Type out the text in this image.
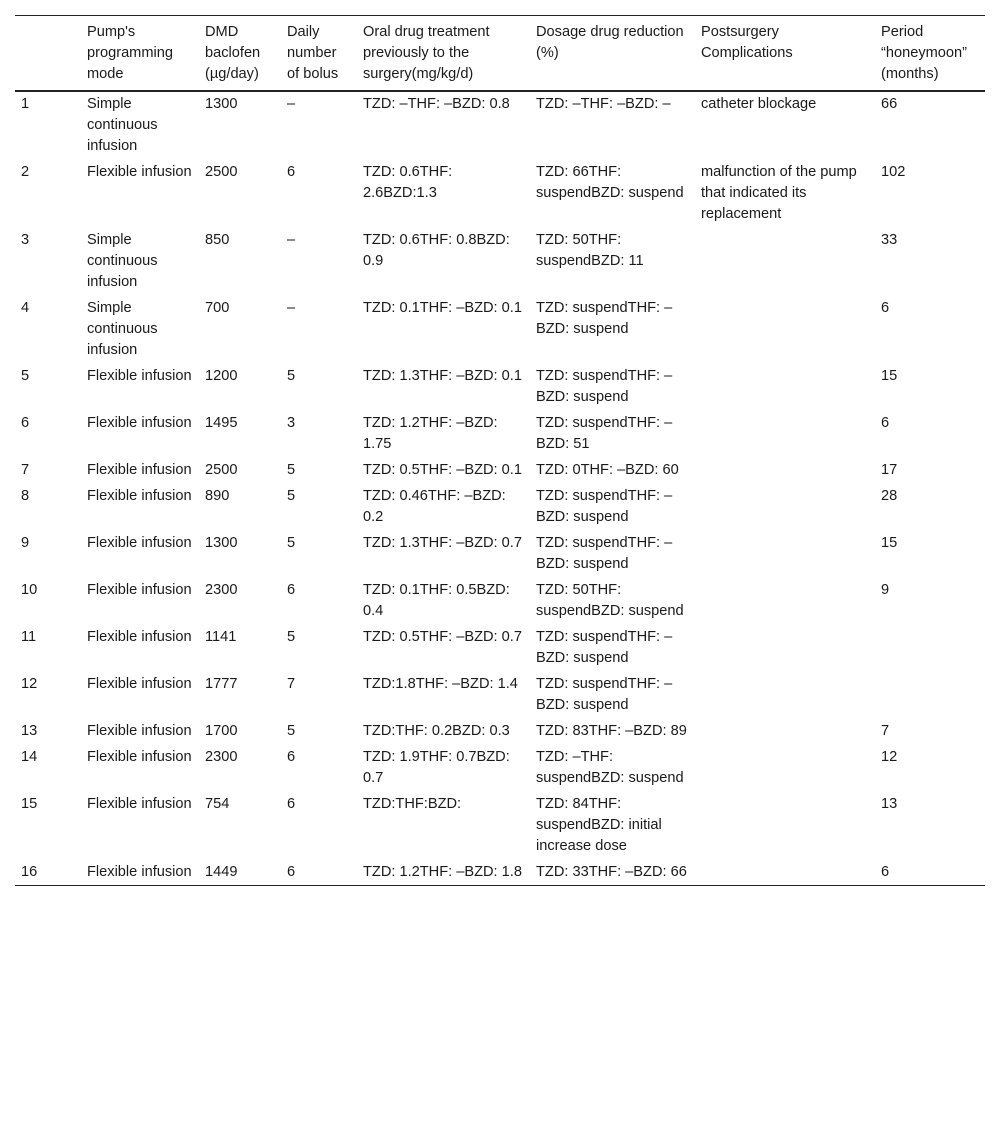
	Pump's programming mode	DMD baclofen (µg/day)	Daily number of bolus	Oral drug treatment previously to the surgery(mg/kg/d)	Dosage drug reduction (%)	Postsurgery Complications	Period “honeymoon” (months)
1	Simple continuous infusion	1300	–	TZD: –THF: –BZD: 0.8	TZD: –THF: –BZD: –	catheter blockage	66
2	Flexible infusion	2500	6	TZD: 0.6THF: 2.6BZD:1.3	TZD: 66THF: suspendBZD: suspend	malfunction of the pump that indicated its replacement	102
3	Simple continuous infusion	850	–	TZD: 0.6THF: 0.8BZD: 0.9	TZD: 50THF: suspendBZD: 11		33
4	Simple continuous infusion	700	–	TZD: 0.1THF: –BZD: 0.1	TZD: suspendTHF: –BZD: suspend		6
5	Flexible infusion	1200	5	TZD: 1.3THF: –BZD: 0.1	TZD: suspendTHF: –BZD: suspend		15
6	Flexible infusion	1495	3	TZD: 1.2THF: –BZD: 1.75	TZD: suspendTHF: –BZD: 51		6
7	Flexible infusion	2500	5	TZD: 0.5THF: –BZD: 0.1	TZD: 0THF: –BZD: 60		17
8	Flexible infusion	890	5	TZD: 0.46THF: –BZD: 0.2	TZD: suspendTHF: –BZD: suspend		28
9	Flexible infusion	1300	5	TZD: 1.3THF: –BZD: 0.7	TZD: suspendTHF: –BZD: suspend		15
10	Flexible infusion	2300	6	TZD: 0.1THF: 0.5BZD: 0.4	TZD: 50THF: suspendBZD: suspend		9
11	Flexible infusion	1141	5	TZD: 0.5THF: –BZD: 0.7	TZD: suspendTHF: –BZD: suspend		
12	Flexible infusion	1777	7	TZD:1.8THF: –BZD: 1.4	TZD: suspendTHF: –BZD: suspend		
13	Flexible infusion	1700	5	TZD:THF: 0.2BZD: 0.3	TZD: 83THF: –BZD: 89		7
14	Flexible infusion	2300	6	TZD: 1.9THF: 0.7BZD: 0.7	TZD: –THF: suspendBZD: suspend		12
15	Flexible infusion	754	6	TZD:THF:BZD:	TZD: 84THF: suspendBZD: initial increase dose		13
16	Flexible infusion	1449	6	TZD: 1.2THF: –BZD: 1.8	TZD: 33THF: –BZD: 66		6
